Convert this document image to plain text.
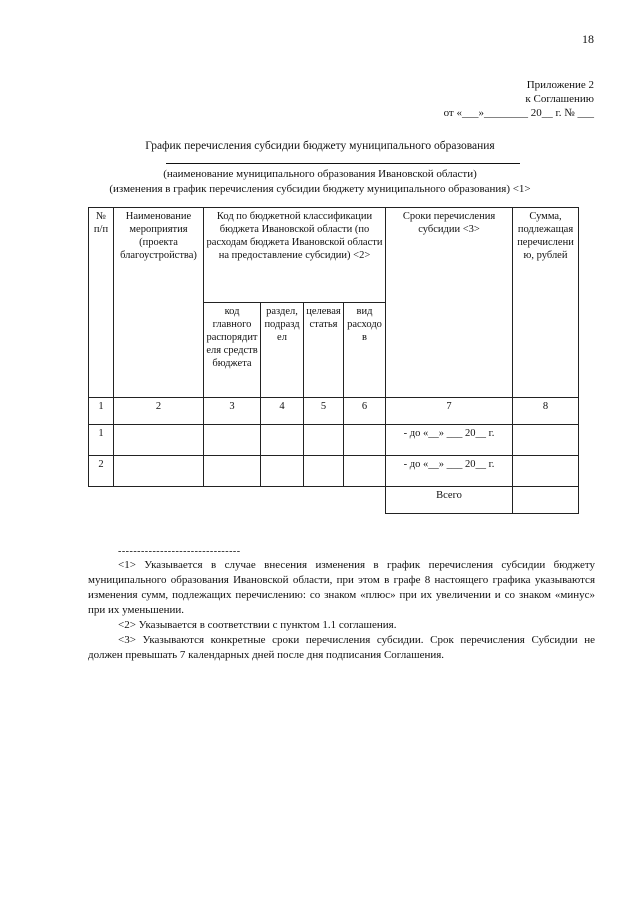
18
Приложение 2
к Соглашению
от «___»________ 20__ г. № ___
График перечисления субсидии бюджету муниципального образования
(наименование муниципального образования Ивановской области)
(изменения в график перечисления субсидии бюджету муниципального образования) <1>
№ п/п	Наименование мероприятия (проекта благоустройства)	Код по бюджетной классификации бюджета Ивановской области (по расходам бюджета Ивановской области на предоставление субсидии) <2>				Сроки перечисления субсидии <3>	Сумма, подлежащая перечислению, рублей
		код главного распорядителя средств бюджета	раздел, подраздел	целевая статья	вид расходов		
1	2	3	4	5	6	7	8
1						- до «__» ___ 20__ г.	
2						- до «__» ___ 20__ г.	
						Всего	
--------------------------------

<1> Указывается в случае внесения изменения в график перечисления субсидии бюджету муниципального образования Ивановской области, при этом в графе 8 настоящего графика указываются изменения сумм, подлежащих перечислению: со знаком «плюс» при их увеличении и со знаком «минус» при их уменьшении.

<2> Указывается в соответствии с пунктом 1.1 соглашения.

<3> Указываются конкретные сроки перечисления субсидии. Срок перечисления Субсидии не должен превышать 7 календарных дней после дня подписания Соглашения.
